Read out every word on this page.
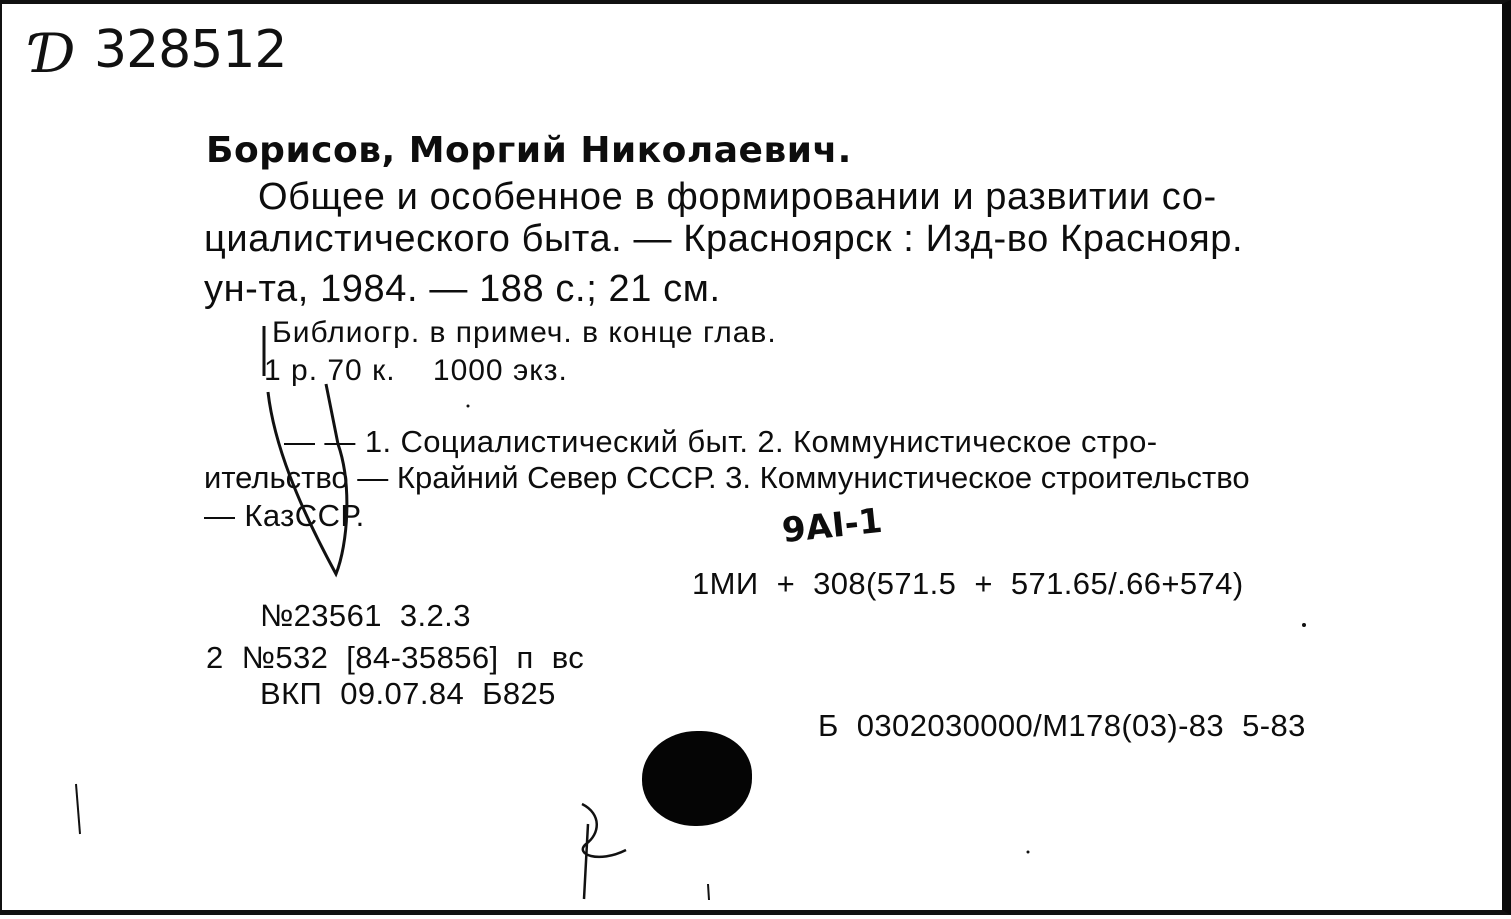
Ɗ 328512
Борисов, Моргий Николаевич.
Общее и особенное в формировании и развитии со-
циалистического быта. — Красноярск : Изд-во Краснояр.
ун-та, 1984. — 188 с.; 21 см.
Библиогр. в примеч. в конце глав.
1 р. 70 к.    1000 экз.
— — 1. Социалистический быт. 2. Коммунистическое стро-
ительство — Крайний Север СССР. 3. Коммунистическое строительство
— КазССР.	9АІ-1
1МИ  +  308(571.5  +  571.65/.66+574)
№23561  3.2.3
2  №532  [84-35856]  п  вс
ВКП  09.07.84  Б825
Б  0302030000/М178(03)-83  5-83
